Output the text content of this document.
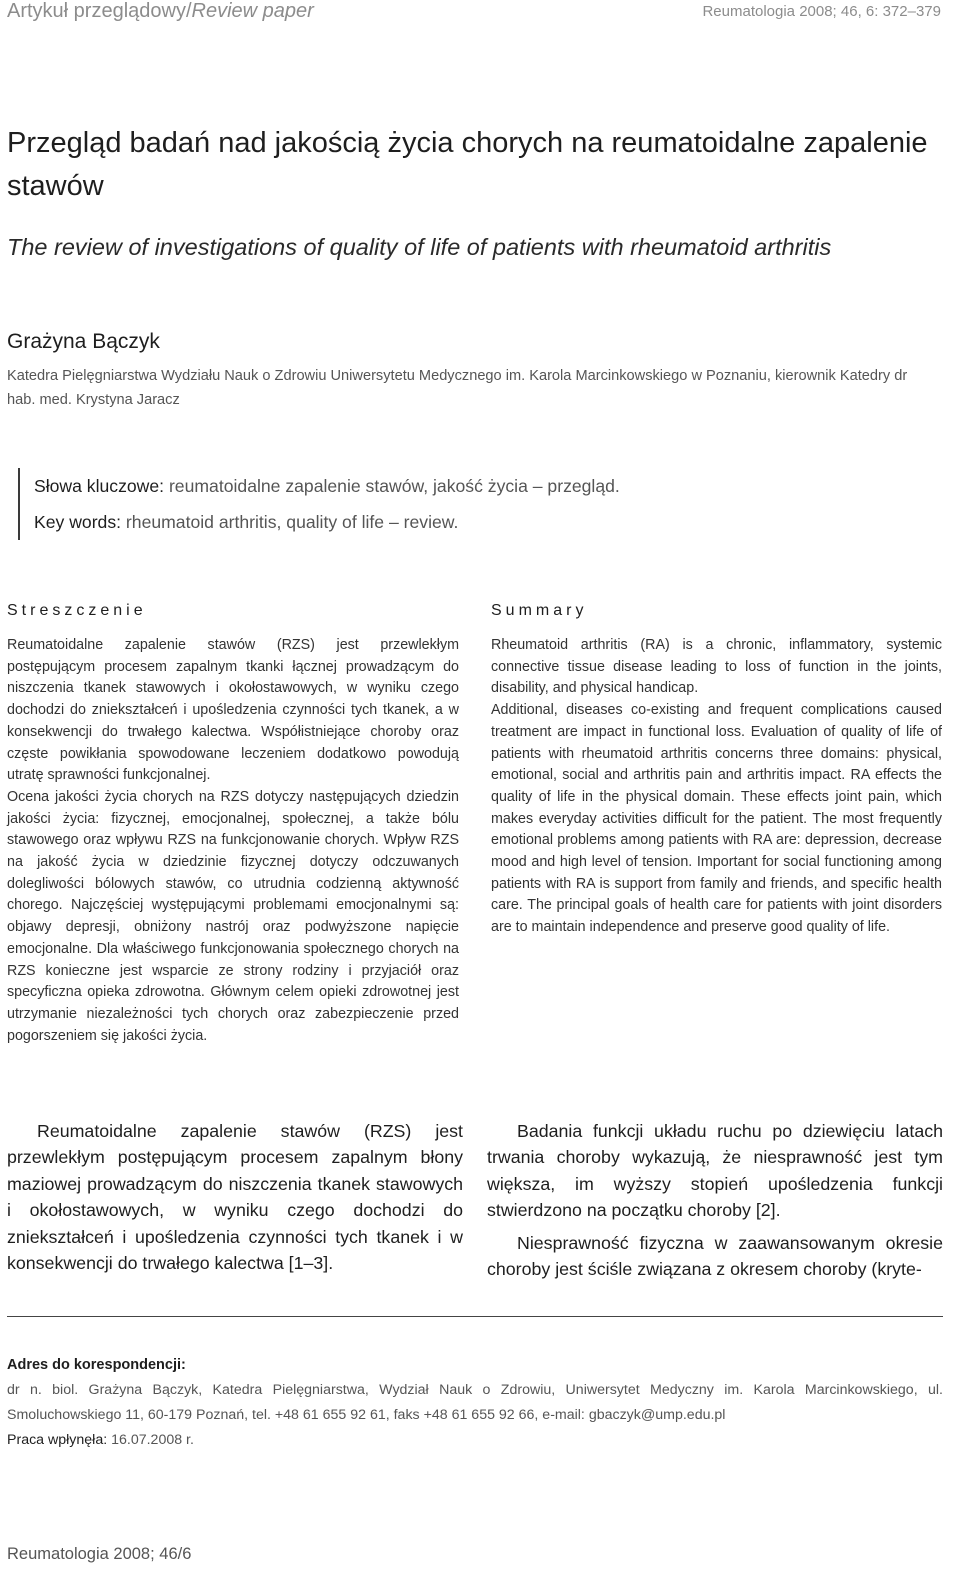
Artykuł przeglądowy/Review paper	Reumatologia 2008; 46, 6: 372–379
Przegląd badań nad jakością życia chorych na reumatoidalne zapalenie stawów
The review of investigations of quality of life of patients with rheumatoid arthritis
Grażyna Bączyk
Katedra Pielęgniarstwa Wydziału Nauk o Zdrowiu Uniwersytetu Medycznego im. Karola Marcinkowskiego w Poznaniu, kierownik Katedry dr hab. med. Krystyna Jaracz
Słowa kluczowe: reumatoidalne zapalenie stawów, jakość życia – przegląd.
Key words: rheumatoid arthritis, quality of life – review.
Streszczenie

Reumatoidalne zapalenie stawów (RZS) jest przewlekłym postępującym procesem zapalnym tkanki łącznej prowadzącym do niszczenia tkanek stawowych i okołostawowych, w wyniku czego dochodzi do zniekształceń i upośledzenia czynności tych tkanek, a w konsekwencji do trwałego kalectwa. Współistniejące choroby oraz częste powikłania spowodowane leczeniem dodatkowo powodują utratę sprawności funkcjonalnej.

Ocena jakości życia chorych na RZS dotyczy następujących dziedzin jakości życia: fizycznej, emocjonalnej, społecznej, a także bólu stawowego oraz wpływu RZS na funkcjonowanie chorych. Wpływ RZS na jakość życia w dziedzinie fizycznej dotyczy odczuwanych dolegliwości bólowych stawów, co utrudnia codzienną aktywność chorego. Najczęściej występującymi problemami emocjonalnymi są: objawy depresji, obniżony nastrój oraz podwyższone napięcie emocjonalne. Dla właściwego funkcjonowania społecznego chorych na RZS konieczne jest wsparcie ze strony rodziny i przyjaciół oraz specyficzna opieka zdrowotna. Głównym celem opieki zdrowotnej jest utrzymanie niezależności tych chorych oraz zabezpieczenie przed pogorszeniem się jakości życia.

Summary

Rheumatoid arthritis (RA) is a chronic, inflammatory, systemic connective tissue disease leading to loss of function in the joints, disability, and physical handicap.

Additional, diseases co-existing and frequent complications caused treatment are impact in functional loss. Evaluation of quality of life of patients with rheumatoid arthritis concerns three domains: physical, emotional, social and arthritis pain and arthritis impact. RA effects the quality of life in the physical domain. These effects joint pain, which makes everyday activities difficult for the patient. The most frequently emotional problems among patients with RA are: depression, decrease mood and high level of tension. Important for social functioning among patients with RA is support from family and friends, and specific health care. The principal goals of health care for patients with joint disorders are to maintain independence and preserve good quality of life.

Reumatoidalne zapalenie stawów (RZS) jest przewlekłym postępującym procesem zapalnym błony maziowej prowadzącym do niszczenia tkanek stawowych i okołostawowych, w wyniku czego dochodzi do zniekształceń i upośledzenia czynności tych tkanek i w konsekwencji do trwałego kalectwa [1–3].

Badania funkcji układu ruchu po dziewięciu latach trwania choroby wykazują, że niesprawność jest tym większa, im wyższy stopień upośledzenia funkcji stwierdzono na początku choroby [2].

Niesprawność fizyczna w zaawansowanym okresie choroby jest ściśle związana z okresem choroby (kryte-

Adres do korespondencji:
dr n. biol. Grażyna Bączyk, Katedra Pielęgniarstwa, Wydział Nauk o Zdrowiu, Uniwersytet Medyczny im. Karola Marcinkowskiego, ul. Smoluchowskiego 11, 60-179 Poznań, tel. +48 61 655 92 61, faks +48 61 655 92 66, e-mail: gbaczyk@ump.edu.pl
Praca wpłynęła: 16.07.2008 r.
Reumatologia 2008; 46/6
